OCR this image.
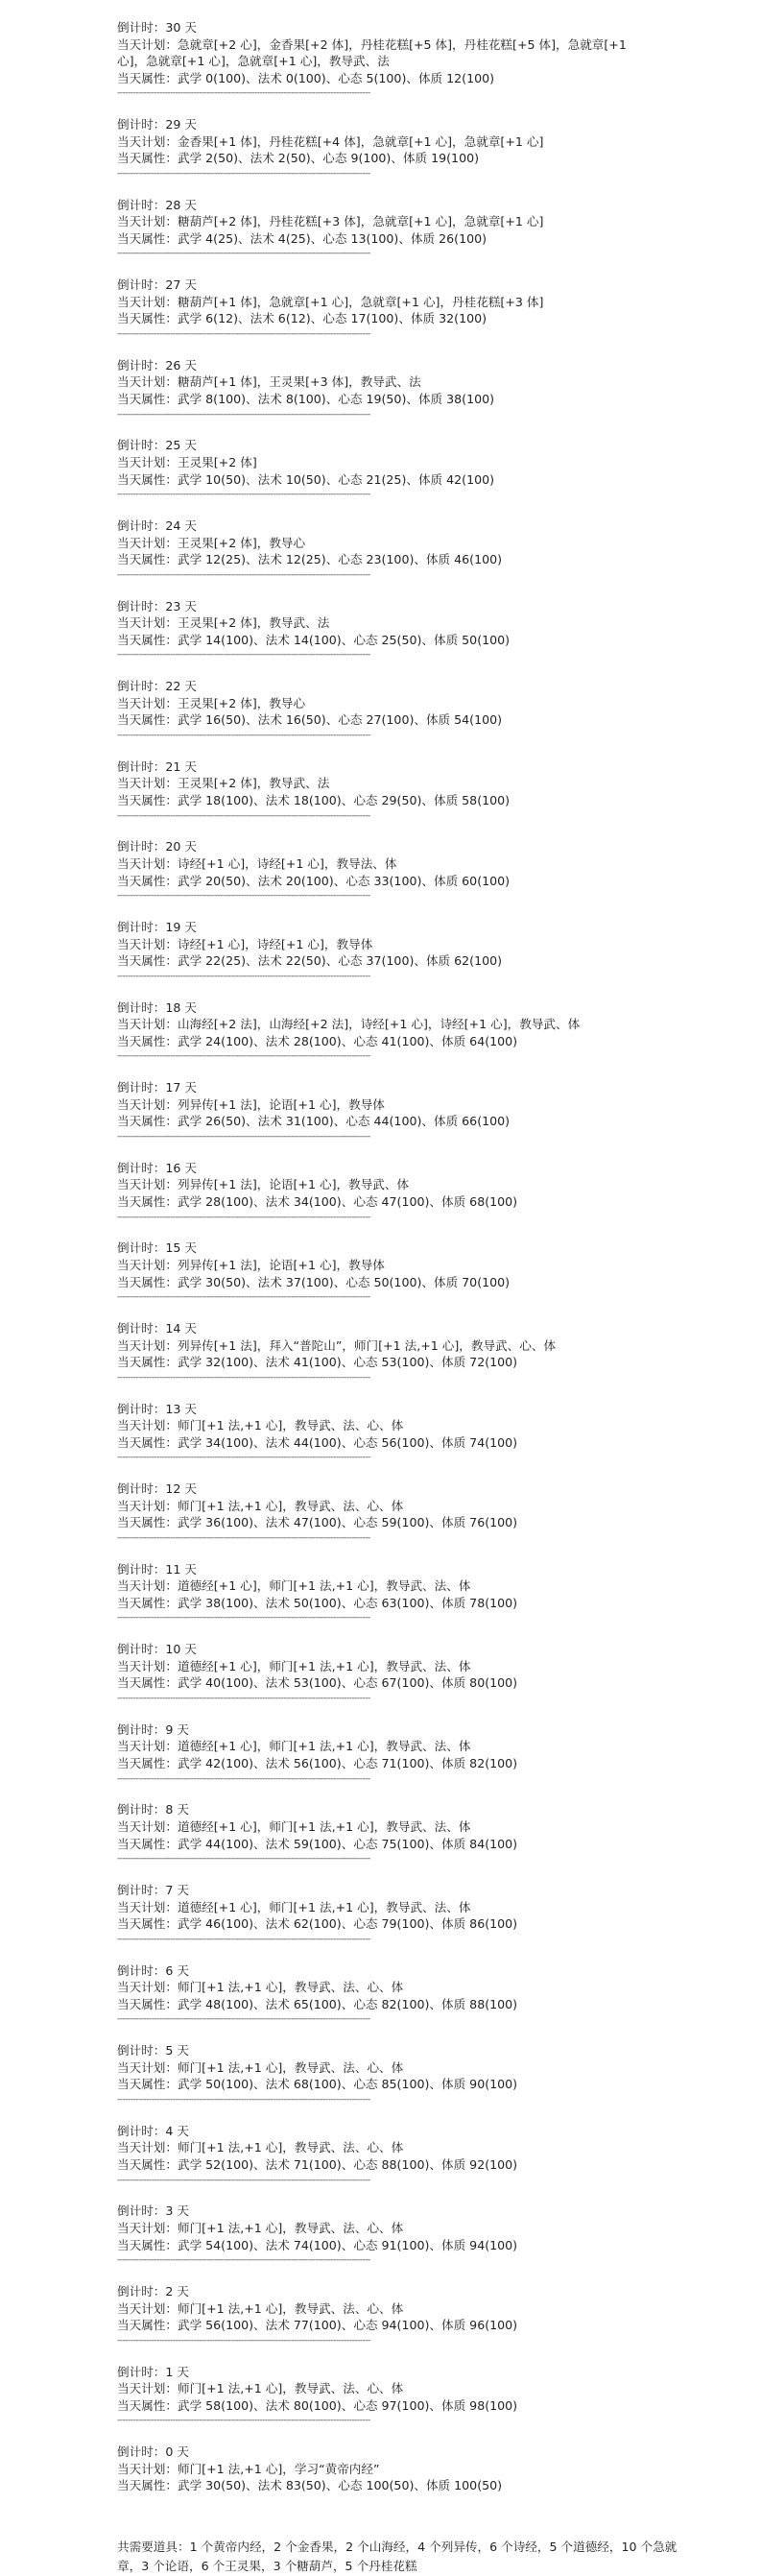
倒计时：30 天
当天计划：急就章[+2 心]，金香果[+2 体]，丹桂花糕[+5 体]，丹桂花糕[+5 体]，急就章[+1 心]，急就章[+1 心]，急就章[+1 心]，教导武、法
当天属性：武学 0(100)、法术 0(100)、心态 5(100)、体质 12(100)
------------------------------------------------------------------------------------------------
倒计时：29 天
当天计划：金香果[+1 体]，丹桂花糕[+4 体]，急就章[+1 心]，急就章[+1 心]
当天属性：武学 2(50)、法术 2(50)、心态 9(100)、体质 19(100)
------------------------------------------------------------------------------------------------
倒计时：28 天
当天计划：糖葫芦[+2 体]，丹桂花糕[+3 体]，急就章[+1 心]，急就章[+1 心]
当天属性：武学 4(25)、法术 4(25)、心态 13(100)、体质 26(100)
------------------------------------------------------------------------------------------------
倒计时：27 天
当天计划：糖葫芦[+1 体]，急就章[+1 心]，急就章[+1 心]，丹桂花糕[+3 体]
当天属性：武学 6(12)、法术 6(12)、心态 17(100)、体质 32(100)
------------------------------------------------------------------------------------------------
倒计时：26 天
当天计划：糖葫芦[+1 体]，王灵果[+3 体]，教导武、法
当天属性：武学 8(100)、法术 8(100)、心态 19(50)、体质 38(100)
------------------------------------------------------------------------------------------------
倒计时：25 天
当天计划：王灵果[+2 体]
当天属性：武学 10(50)、法术 10(50)、心态 21(25)、体质 42(100)
------------------------------------------------------------------------------------------------
倒计时：24 天
当天计划：王灵果[+2 体]，教导心
当天属性：武学 12(25)、法术 12(25)、心态 23(100)、体质 46(100)
------------------------------------------------------------------------------------------------
倒计时：23 天
当天计划：王灵果[+2 体]，教导武、法
当天属性：武学 14(100)、法术 14(100)、心态 25(50)、体质 50(100)
------------------------------------------------------------------------------------------------
倒计时：22 天
当天计划：王灵果[+2 体]，教导心
当天属性：武学 16(50)、法术 16(50)、心态 27(100)、体质 54(100)
------------------------------------------------------------------------------------------------
倒计时：21 天
当天计划：王灵果[+2 体]，教导武、法
当天属性：武学 18(100)、法术 18(100)、心态 29(50)、体质 58(100)
------------------------------------------------------------------------------------------------
倒计时：20 天
当天计划：诗经[+1 心]，诗经[+1 心]，教导法、体
当天属性：武学 20(50)、法术 20(100)、心态 33(100)、体质 60(100)
------------------------------------------------------------------------------------------------
倒计时：19 天
当天计划：诗经[+1 心]，诗经[+1 心]，教导体
当天属性：武学 22(25)、法术 22(50)、心态 37(100)、体质 62(100)
------------------------------------------------------------------------------------------------
倒计时：18 天
当天计划：山海经[+2 法]，山海经[+2 法]，诗经[+1 心]，诗经[+1 心]，教导武、体
当天属性：武学 24(100)、法术 28(100)、心态 41(100)、体质 64(100)
------------------------------------------------------------------------------------------------
倒计时：17 天
当天计划：列异传[+1 法]，论语[+1 心]，教导体
当天属性：武学 26(50)、法术 31(100)、心态 44(100)、体质 66(100)
------------------------------------------------------------------------------------------------
倒计时：16 天
当天计划：列异传[+1 法]，论语[+1 心]，教导武、体
当天属性：武学 28(100)、法术 34(100)、心态 47(100)、体质 68(100)
------------------------------------------------------------------------------------------------
倒计时：15 天
当天计划：列异传[+1 法]，论语[+1 心]，教导体
当天属性：武学 30(50)、法术 37(100)、心态 50(100)、体质 70(100)
------------------------------------------------------------------------------------------------
倒计时：14 天
当天计划：列异传[+1 法]，拜入“普陀山”，师门[+1 法,+1 心]，教导武、心、体
当天属性：武学 32(100)、法术 41(100)、心态 53(100)、体质 72(100)
------------------------------------------------------------------------------------------------
倒计时：13 天
当天计划：师门[+1 法,+1 心]，教导武、法、心、体
当天属性：武学 34(100)、法术 44(100)、心态 56(100)、体质 74(100)
------------------------------------------------------------------------------------------------
倒计时：12 天
当天计划：师门[+1 法,+1 心]，教导武、法、心、体
当天属性：武学 36(100)、法术 47(100)、心态 59(100)、体质 76(100)
------------------------------------------------------------------------------------------------
倒计时：11 天
当天计划：道德经[+1 心]，师门[+1 法,+1 心]，教导武、法、体
当天属性：武学 38(100)、法术 50(100)、心态 63(100)、体质 78(100)
------------------------------------------------------------------------------------------------
倒计时：10 天
当天计划：道德经[+1 心]，师门[+1 法,+1 心]，教导武、法、体
当天属性：武学 40(100)、法术 53(100)、心态 67(100)、体质 80(100)
------------------------------------------------------------------------------------------------
倒计时：9 天
当天计划：道德经[+1 心]，师门[+1 法,+1 心]，教导武、法、体
当天属性：武学 42(100)、法术 56(100)、心态 71(100)、体质 82(100)
------------------------------------------------------------------------------------------------
倒计时：8 天
当天计划：道德经[+1 心]，师门[+1 法,+1 心]，教导武、法、体
当天属性：武学 44(100)、法术 59(100)、心态 75(100)、体质 84(100)
------------------------------------------------------------------------------------------------
倒计时：7 天
当天计划：道德经[+1 心]，师门[+1 法,+1 心]，教导武、法、体
当天属性：武学 46(100)、法术 62(100)、心态 79(100)、体质 86(100)
------------------------------------------------------------------------------------------------
倒计时：6 天
当天计划：师门[+1 法,+1 心]，教导武、法、心、体
当天属性：武学 48(100)、法术 65(100)、心态 82(100)、体质 88(100)
------------------------------------------------------------------------------------------------
倒计时：5 天
当天计划：师门[+1 法,+1 心]，教导武、法、心、体
当天属性：武学 50(100)、法术 68(100)、心态 85(100)、体质 90(100)
------------------------------------------------------------------------------------------------
倒计时：4 天
当天计划：师门[+1 法,+1 心]，教导武、法、心、体
当天属性：武学 52(100)、法术 71(100)、心态 88(100)、体质 92(100)
------------------------------------------------------------------------------------------------
倒计时：3 天
当天计划：师门[+1 法,+1 心]，教导武、法、心、体
当天属性：武学 54(100)、法术 74(100)、心态 91(100)、体质 94(100)
------------------------------------------------------------------------------------------------
倒计时：2 天
当天计划：师门[+1 法,+1 心]，教导武、法、心、体
当天属性：武学 56(100)、法术 77(100)、心态 94(100)、体质 96(100)
------------------------------------------------------------------------------------------------
倒计时：1 天
当天计划：师门[+1 法,+1 心]，教导武、法、心、体
当天属性：武学 58(100)、法术 80(100)、心态 97(100)、体质 98(100)
------------------------------------------------------------------------------------------------
倒计时：0 天
当天计划：师门[+1 法,+1 心]，学习“黄帝内经”
当天属性：武学 30(50)、法术 83(50)、心态 100(50)、体质 100(50)
共需要道具：1 个黄帝内经，2 个金香果，2 个山海经，4 个列异传，6 个诗经，5 个道德经，10 个急就章，3 个论语，6 个王灵果，3 个糖葫芦，5 个丹桂花糕
